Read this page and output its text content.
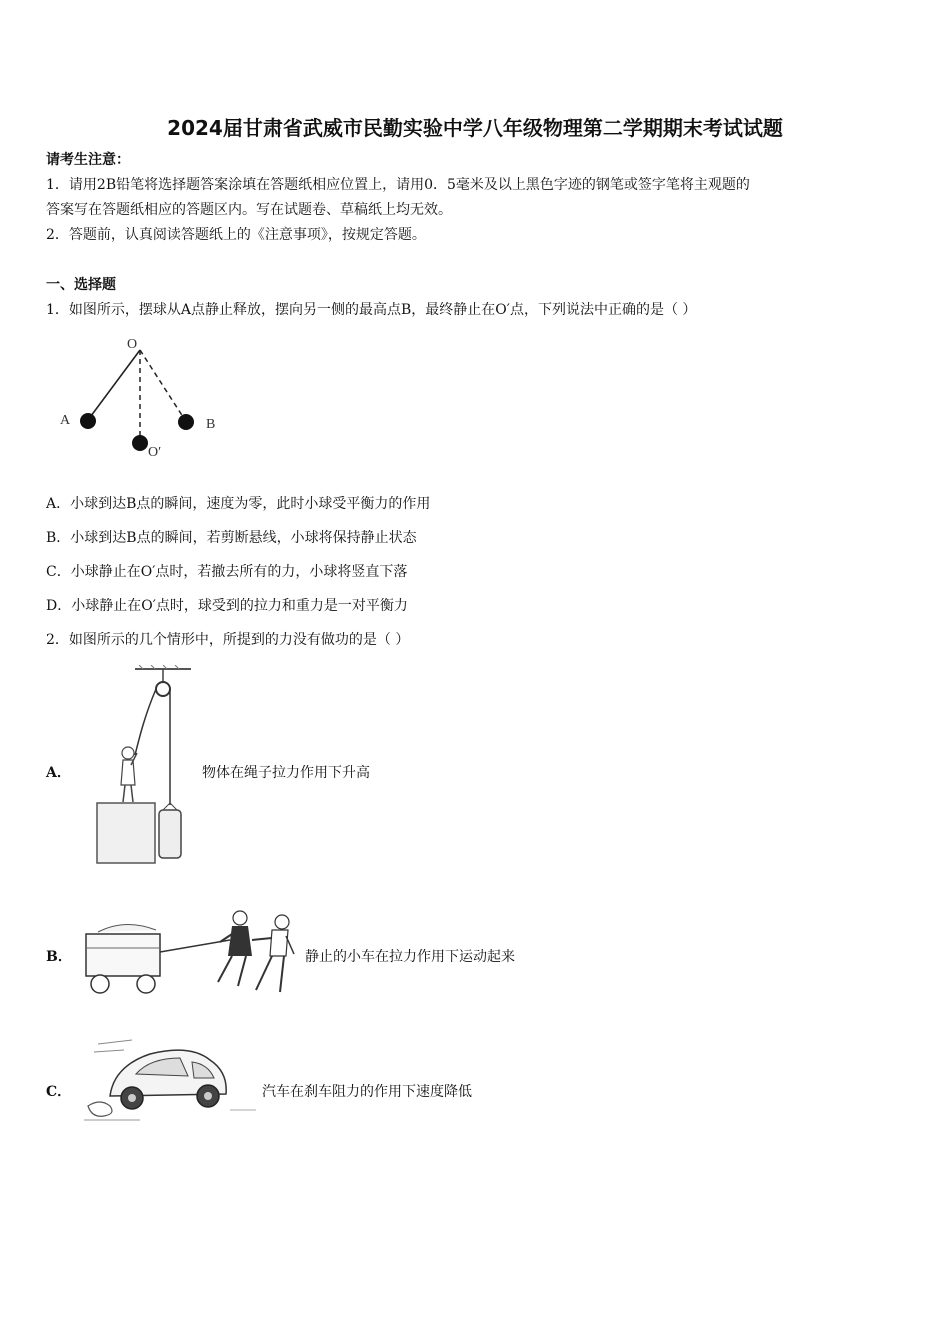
2024届甘肃省武威市民勤实验中学八年级物理第二学期期末考试试题
请考生注意：
1．请用2B铅笔将选择题答案涂填在答题纸相应位置上，请用0．5毫米及以上黑色字迹的钢笔或签字笔将主观题的
答案写在答题纸相应的答题区内。写在试题卷、草稿纸上均无效。
2．答题前，认真阅读答题纸上的《注意事项》，按规定答题。
一、选择题
1．如图所示，摆球从A点静止释放，摆向另一侧的最高点B，最终静止在O′点，下列说法中正确的是（ ）
O
A	B
O′
A．小球到达B点的瞬间，速度为零，此时小球受平衡力的作用
B．小球到达B点的瞬间，若剪断悬线，小球将保持静止状态
C．小球静止在O′点时，若撤去所有的力，小球将竖直下落
D．小球静止在O′点时，球受到的拉力和重力是一对平衡力
2．如图所示的几个情形中，所提到的力没有做功的是（ ）
A．	物体在绳子拉力作用下升高
B．	静止的小车在拉力作用下运动起来
C．	汽车在刹车阻力的作用下速度降低
